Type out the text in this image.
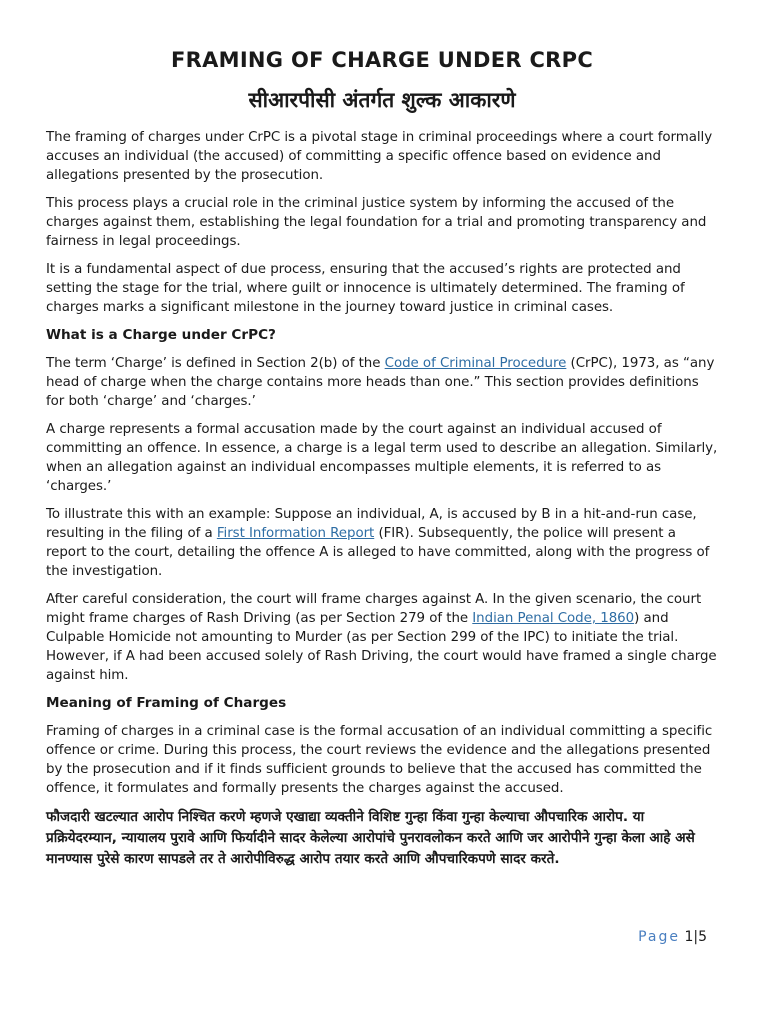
FRAMING OF CHARGE UNDER CRPC
सीआरपीसी अंतर्गत शुल्क आकारणे

The framing of charges under CrPC is a pivotal stage in criminal proceedings where a court formally accuses an individual (the accused) of committing a specific offence based on evidence and allegations presented by the prosecution.

This process plays a crucial role in the criminal justice system by informing the accused of the charges against them, establishing the legal foundation for a trial and promoting transparency and fairness in legal proceedings.

It is a fundamental aspect of due process, ensuring that the accused’s rights are protected and setting the stage for the trial, where guilt or innocence is ultimately determined. The framing of charges marks a significant milestone in the journey toward justice in criminal cases.

What is a Charge under CrPC?

The term ‘Charge’ is defined in Section 2(b) of the Code of Criminal Procedure (CrPC), 1973, as “any head of charge when the charge contains more heads than one.” This section provides definitions for both ‘charge’ and ‘charges.’

A charge represents a formal accusation made by the court against an individual accused of committing an offence. In essence, a charge is a legal term used to describe an allegation. Similarly, when an allegation against an individual encompasses multiple elements, it is referred to as ‘charges.’

To illustrate this with an example: Suppose an individual, A, is accused by B in a hit-and-run case, resulting in the filing of a First Information Report (FIR). Subsequently, the police will present a report to the court, detailing the offence A is alleged to have committed, along with the progress of the investigation.

After careful consideration, the court will frame charges against A. In the given scenario, the court might frame charges of Rash Driving (as per Section 279 of the Indian Penal Code, 1860) and Culpable Homicide not amounting to Murder (as per Section 299 of the IPC) to initiate the trial. However, if A had been accused solely of Rash Driving, the court would have framed a single charge against him.

Meaning of Framing of Charges

Framing of charges in a criminal case is the formal accusation of an individual committing a specific offence or crime. During this process, the court reviews the evidence and the allegations presented by the prosecution and if it finds sufficient grounds to believe that the accused has committed the offence, it formulates and formally presents the charges against the accused.

फौजदारी खटल्यात आरोप निश्चित करणे म्हणजे एखाद्या व्यक्तीने विशिष्ट गुन्हा किंवा गुन्हा केल्याचा औपचारिक आरोप. या प्रक्रियेदरम्यान, न्यायालय पुरावे आणि फिर्यादीने सादर केलेल्या आरोपांचे पुनरावलोकन करते आणि जर आरोपीने गुन्हा केला आहे असे मानण्यास पुरेसे कारण सापडले तर ते आरोपीविरुद्ध आरोप तयार करते आणि औपचारिकपणे सादर करते.

Page 1|5
